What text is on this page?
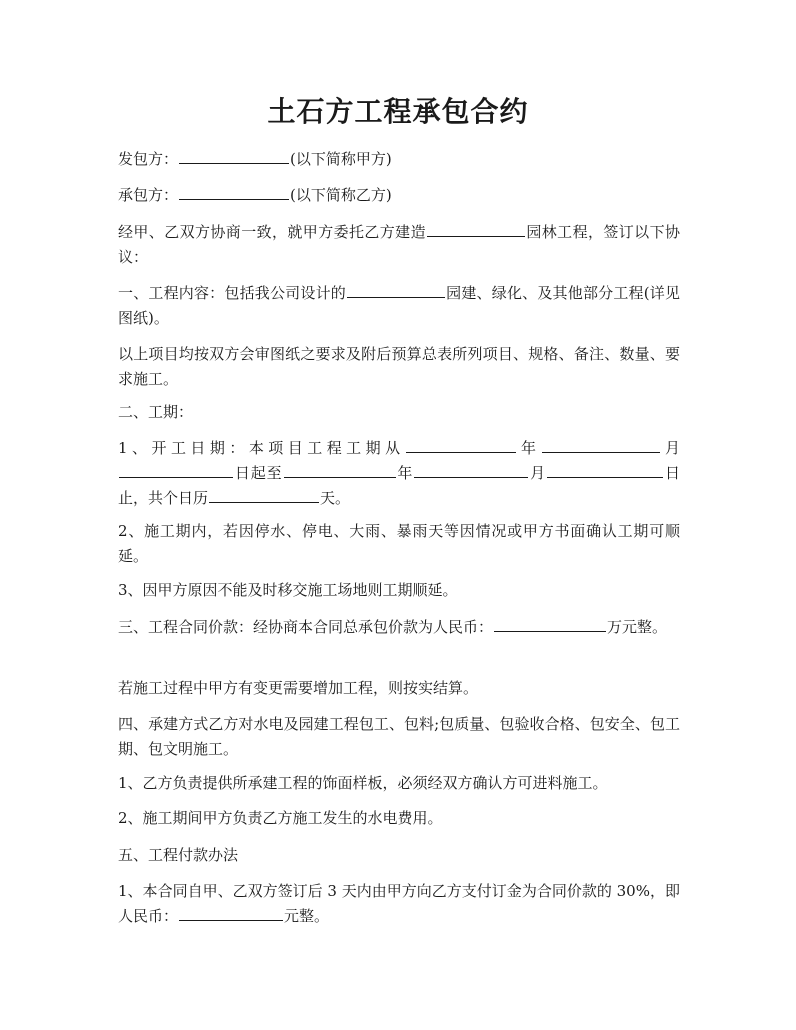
土石方工程承包合约

发包方：	(以下简称甲方)

承包方：	(以下简称乙方)

经甲、乙双方协商一致，就甲方委托乙方建造	园林工程，签订以下协议：

一、工程内容：包括我公司设计的	园建、绿化、及其他部分工程(详见图纸)。

以上项目均按双方会审图纸之要求及附后预算总表所列项目、规格、备注、数量、要求施工。

二、工期：

1、开工日期：本项目工程工期从	年	月日起至	年	月	日止，共个日历	天。

2、施工期内，若因停水、停电、大雨、暴雨天等因情况或甲方书面确认工期可顺延。

3、因甲方原因不能及时移交施工场地则工期顺延。

三、工程合同价款：经协商本合同总承包价款为人民币：	万元整。

若施工过程中甲方有变更需要增加工程，则按实结算。

四、承建方式乙方对水电及园建工程包工、包料;包质量、包验收合格、包安全、包工期、包文明施工。

1、乙方负责提供所承建工程的饰面样板，必须经双方确认方可进料施工。

2、施工期间甲方负责乙方施工发生的水电费用。

五、工程付款办法

1、本合同自甲、乙双方签订后 3 天内由甲方向乙方支付订金为合同价款的 30%，即人民币：	元整。
